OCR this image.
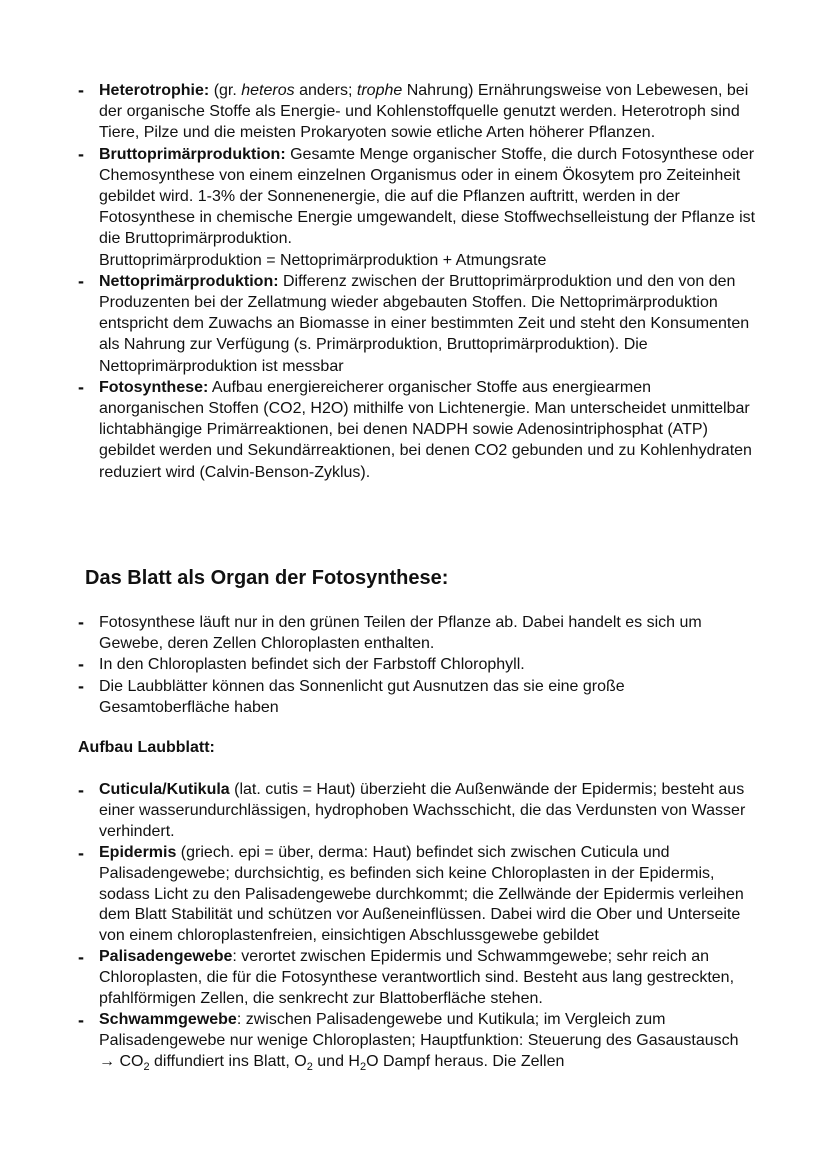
- Heterotrophie: (gr. heteros anders; trophe Nahrung) Ernährungsweise von Lebewesen, bei der organische Stoffe als Energie- und Kohlenstoffquelle genutzt werden. Heterotroph sind Tiere, Pilze und die meisten Prokaryoten sowie etliche Arten höherer Pflanzen.
- Bruttoprimärproduktion: Gesamte Menge organischer Stoffe, die durch Fotosynthese oder Chemosynthese von einem einzelnen Organismus oder in einem Ökosytem pro Zeiteinheit gebildet wird. 1-3% der Sonnenenergie, die auf die Pflanzen auftritt, werden in der Fotosynthese in chemische Energie umgewandelt, diese Stoffwechselleistung der Pflanze ist die Bruttoprimärproduktion.
Bruttoprimärproduktion = Nettoprimärproduktion + Atmungsrate
- Nettoprimärproduktion: Differenz zwischen der Bruttoprimärproduktion und den von den Produzenten bei der Zellatmung wieder abgebauten Stoffen. Die Nettoprimärproduktion entspricht dem Zuwachs an Biomasse in einer bestimmten Zeit und steht den Konsumenten als Nahrung zur Verfügung (s. Primärproduktion, Bruttoprimärproduktion). Die Nettoprimärproduktion ist messbar
- Fotosynthese: Aufbau energiereicherer organischer Stoffe aus energiearmen anorganischen Stoffen (CO2, H2O) mithilfe von Lichtenergie. Man unterscheidet unmittelbar lichtabhängige Primärreaktionen, bei denen NADPH sowie Adenosintriphosphat (ATP) gebildet werden und Sekundärreaktionen, bei denen CO2 gebunden und zu Kohlenhydraten reduziert wird (Calvin-Benson-Zyklus).
Das Blatt als Organ der Fotosynthese:
- Fotosynthese läuft nur in den grünen Teilen der Pflanze ab. Dabei handelt es sich um Gewebe, deren Zellen Chloroplasten enthalten.
- In den Chloroplasten befindet sich der Farbstoff Chlorophyll.
- Die Laubblätter können das Sonnenlicht gut Ausnutzen das sie eine große Gesamtoberfläche haben
Aufbau Laubblatt:
- Cuticula/Kutikula (lat. cutis = Haut) überzieht die Außenwände der Epidermis; besteht aus einer wasserundurchlässigen, hydrophoben Wachsschicht, die das Verdunsten von Wasser verhindert.
- Epidermis (griech. epi = über, derma: Haut) befindet sich zwischen Cuticula und Palisadengewebe; durchsichtig, es befinden sich keine Chloroplasten in der Epidermis, sodass Licht zu den Palisadengewebe durchkommt; die Zellwände der Epidermis verleihen dem Blatt Stabilität und schützen vor Außeneinflüssen. Dabei wird die Ober und Unterseite von einem chloroplastenfreien, einsichtigen Abschlussgewebe gebildet
- Palisadengewebe: verortet zwischen Epidermis und Schwammgewebe; sehr reich an Chloroplasten, die für die Fotosynthese verantwortlich sind. Besteht aus lang gestreckten, pfahlförmigen Zellen, die senkrecht zur Blattoberfläche stehen.
- Schwammgewebe: zwischen Palisadengewebe und Kutikula; im Vergleich zum Palisadengewebe nur wenige Chloroplasten; Hauptfunktion: Steuerung des Gasaustausch → $CO_2$ diffundiert ins Blatt, $O_2$ und $H_2O$ Dampf heraus. Die Zellen
